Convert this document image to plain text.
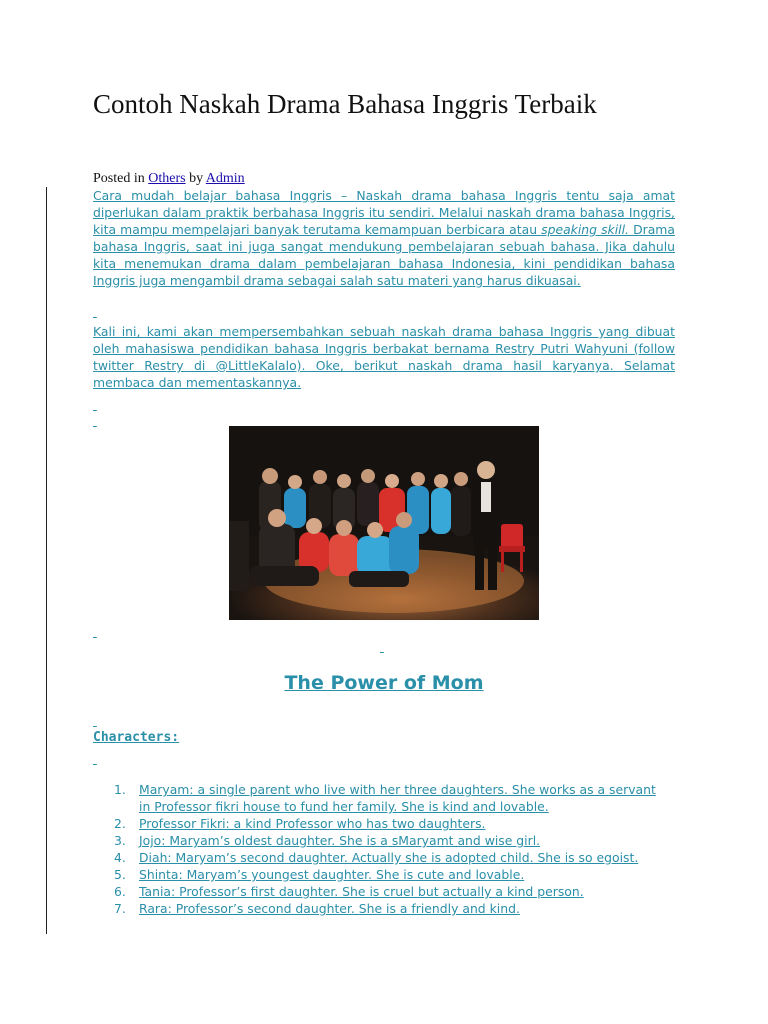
Contoh Naskah Drama Bahasa Inggris Terbaik
Posted in Others by Admin
Cara mudah belajar bahasa Inggris – Naskah drama bahasa Inggris tentu saja amat diperlukan dalam praktik berbahasa Inggris itu sendiri. Melalui naskah drama bahasa Inggris, kita mampu mempelajari banyak terutama kemampuan berbicara atau speaking skill. Drama bahasa Inggris, saat ini juga sangat mendukung pembelajaran sebuah bahasa. Jika dahulu kita menemukan drama dalam pembelajaran bahasa Indonesia, kini pendidikan bahasa Inggris juga mengambil drama sebagai salah satu materi yang harus dikuasai.

Kali ini, kami akan mempersembahkan sebuah naskah drama bahasa Inggris yang dibuat oleh mahasiswa pendidikan bahasa Inggris berbakat bernama Restry Putri Wahyuni (follow twitter Restry di @LittleKalalo). Oke, berikut naskah drama hasil karyanya. Selamat membaca dan mementaskannya.

The Power of Mom

Characters:

1. Maryam: a single parent who live with her three daughters. She works as a servant in Professor fikri house to fund her family. She is kind and lovable.
2. Professor Fikri: a kind Professor who has two daughters.
3. Jojo: Maryam’s oldest daughter. She is a sMaryamt and wise girl.
4. Diah: Maryam’s second daughter. Actually she is adopted child. She is so egoist.
5. Shinta: Maryam’s youngest daughter. She is cute and lovable.
6. Tania: Professor’s first daughter. She is cruel but actually a kind person.
7. Rara: Professor’s second daughter. She is a friendly and kind.
